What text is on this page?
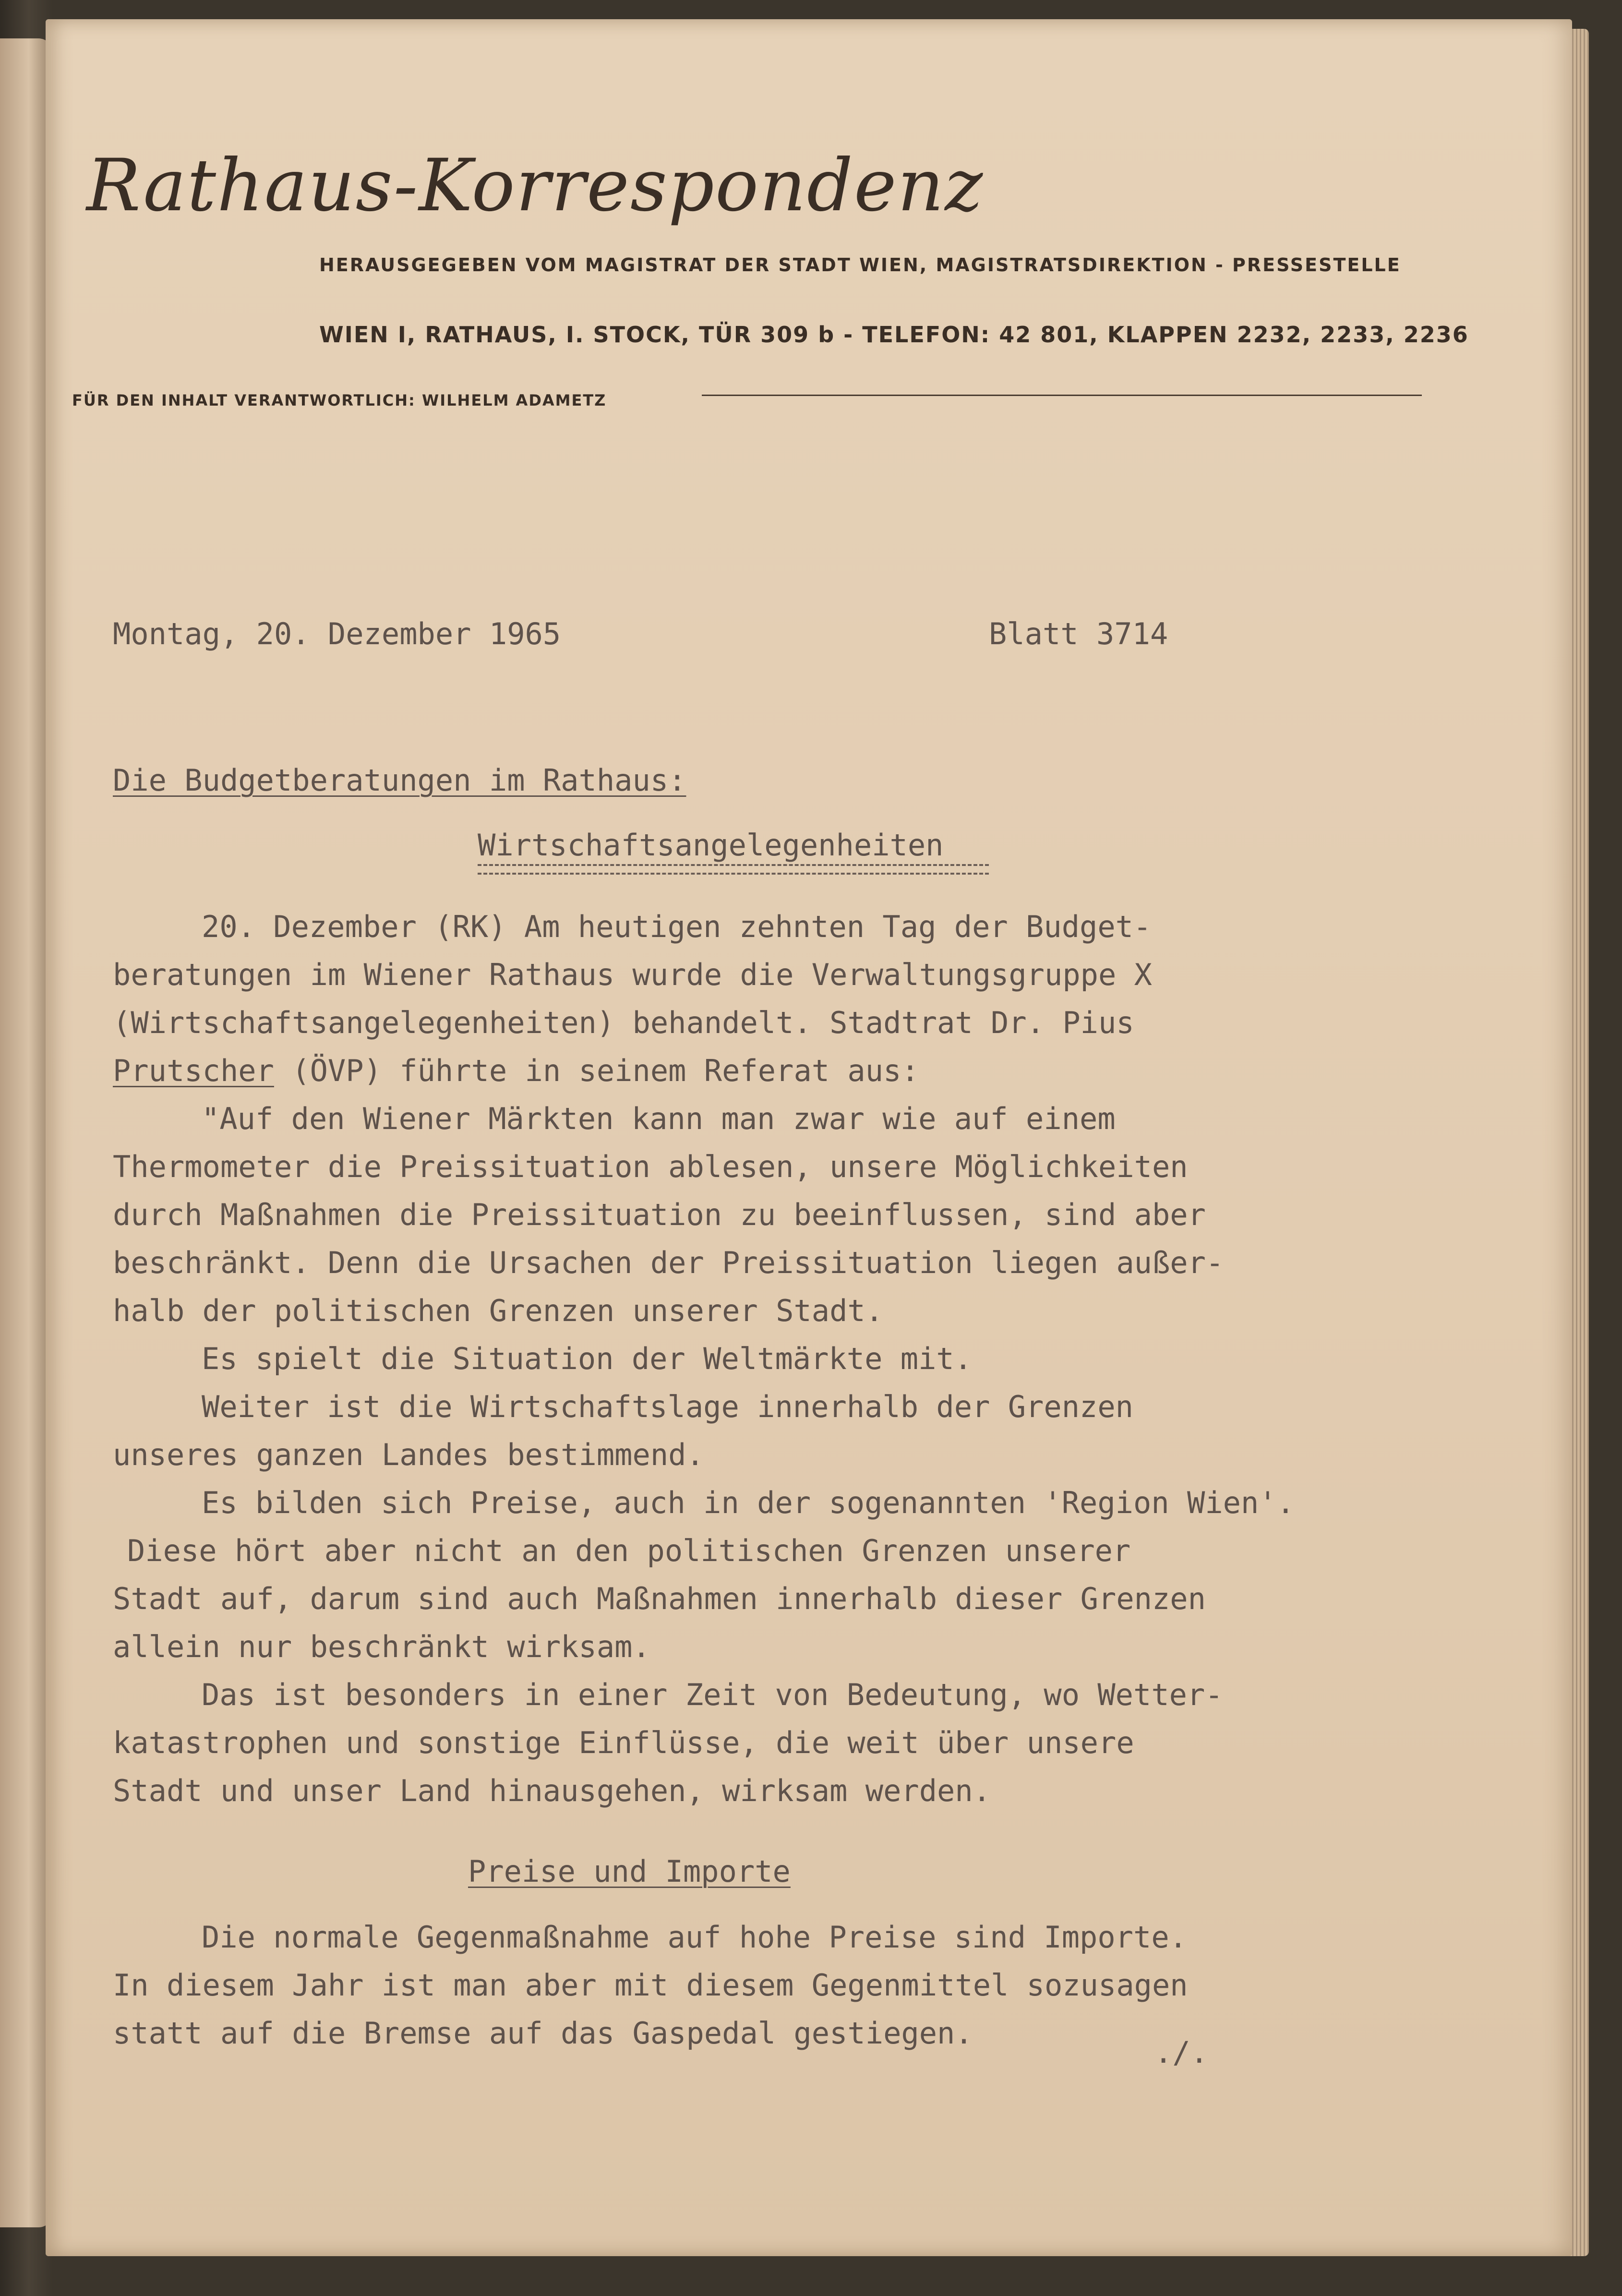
Rathaus-Korrespondenz
HERAUSGEGEBEN VOM MAGISTRAT DER STADT WIEN, MAGISTRATSDIREKTION - PRESSESTELLE
WIEN I, RATHAUS, I. STOCK, TÜR 309 b - TELEFON: 42 801, KLAPPEN 2232, 2233, 2236
FÜR DEN INHALT VERANTWORTLICH: WILHELM ADAMETZ
Montag, 20. Dezember 1965	Blatt 3714
Die Budgetberatungen im Rathaus:
Wirtschaftsangelegenheiten
20. Dezember (RK) Am heutigen zehnten Tag der Budget-
beratungen im Wiener Rathaus wurde die Verwaltungsgruppe X
(Wirtschaftsangelegenheiten) behandelt. Stadtrat Dr. Pius
Prutscher (ÖVP) führte in seinem Referat aus:
"Auf den Wiener Märkten kann man zwar wie auf einem
Thermometer die Preissituation ablesen, unsere Möglichkeiten
durch Maßnahmen die Preissituation zu beeinflussen, sind aber
beschränkt. Denn die Ursachen der Preissituation liegen außer-
halb der politischen Grenzen unserer Stadt.
Es spielt die Situation der Weltmärkte mit.
Weiter ist die Wirtschaftslage innerhalb der Grenzen
unseres ganzen Landes bestimmend.
Es bilden sich Preise, auch in der sogenannten 'Region Wien'.
Diese hört aber nicht an den politischen Grenzen unserer
Stadt auf, darum sind auch Maßnahmen innerhalb dieser Grenzen
allein nur beschränkt wirksam.
Das ist besonders in einer Zeit von Bedeutung, wo Wetter-
katastrophen und sonstige Einflüsse, die weit über unsere
Stadt und unser Land hinausgehen, wirksam werden.
Preise und Importe
Die normale Gegenmaßnahme auf hohe Preise sind Importe.
In diesem Jahr ist man aber mit diesem Gegenmittel sozusagen
statt auf die Bremse auf das Gaspedal gestiegen.
./.
